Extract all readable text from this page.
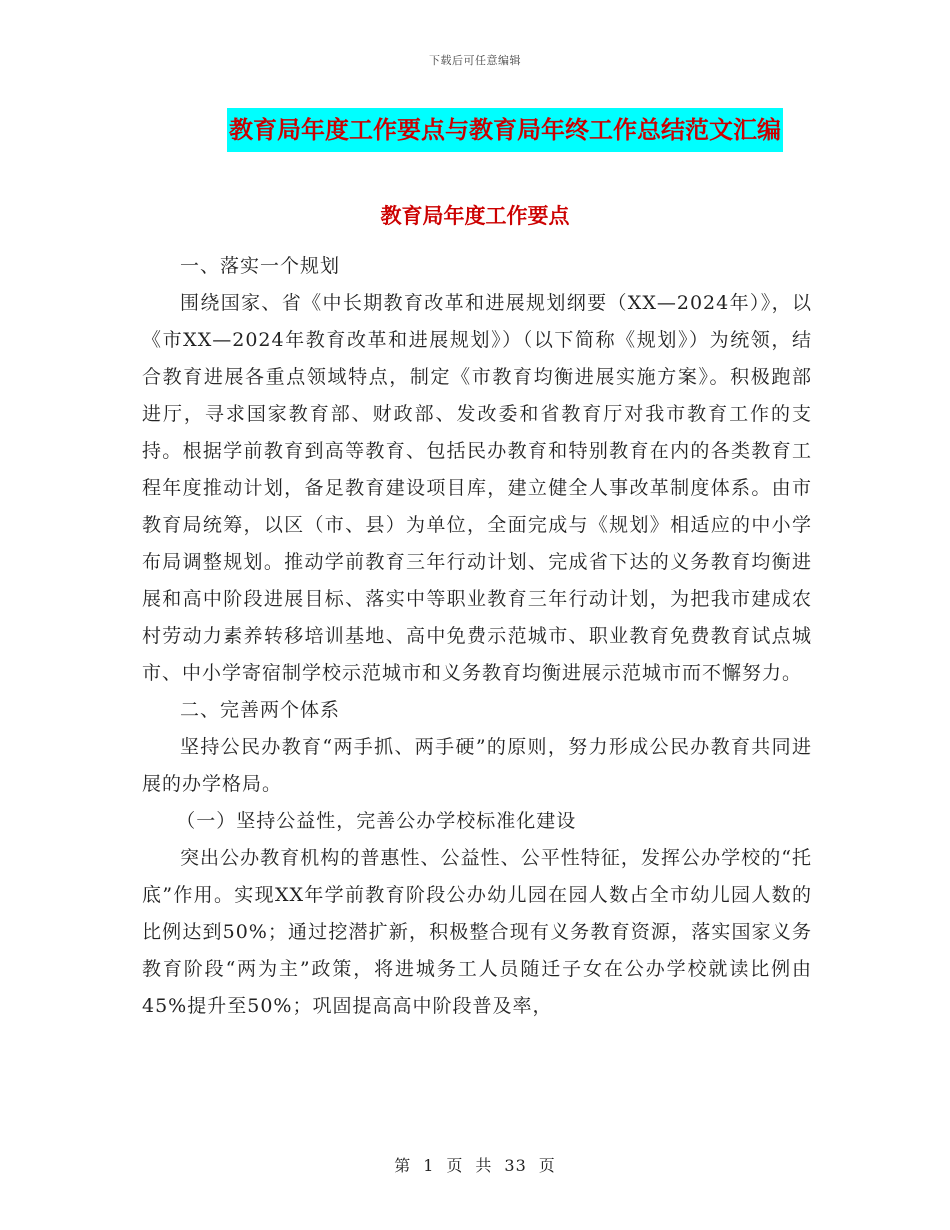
下载后可任意编辑
教育局年度工作要点与教育局年终工作总结范文汇编
教育局年度工作要点

一、落实一个规划

围绕国家、省《中长期教育改革和进展规划纲要（XX—2024年）》，以《市XX—2024年教育改革和进展规划》）（以下简称《规划》）为统领，结合教育进展各重点领域特点，制定《市教育均衡进展实施方案》。积极跑部进厅，寻求国家教育部、财政部、发改委和省教育厅对我市教育工作的支持。根据学前教育到高等教育、包括民办教育和特别教育在内的各类教育工程年度推动计划，备足教育建设项目库，建立健全人事改革制度体系。由市教育局统筹，以区（市、县）为单位，全面完成与《规划》相适应的中小学布局调整规划。推动学前教育三年行动计划、完成省下达的义务教育均衡进展和高中阶段进展目标、落实中等职业教育三年行动计划，为把我市建成农村劳动力素养转移培训基地、高中免费示范城市、职业教育免费教育试点城市、中小学寄宿制学校示范城市和义务教育均衡进展示范城市而不懈努力。

二、完善两个体系

坚持公民办教育“两手抓、两手硬”的原则，努力形成公民办教育共同进展的办学格局。

（一）坚持公益性，完善公办学校标准化建设

突出公办教育机构的普惠性、公益性、公平性特征，发挥公办学校的“托底”作用。实现XX年学前教育阶段公办幼儿园在园人数占全市幼儿园人数的比例达到50%；通过挖潜扩新，积极整合现有义务教育资源，落实国家义务教育阶段“两为主”政策，将进城务工人员随迁子女在公办学校就读比例由45%提升至50%；巩固提高高中阶段普及率，

第 1 页 共 33 页
